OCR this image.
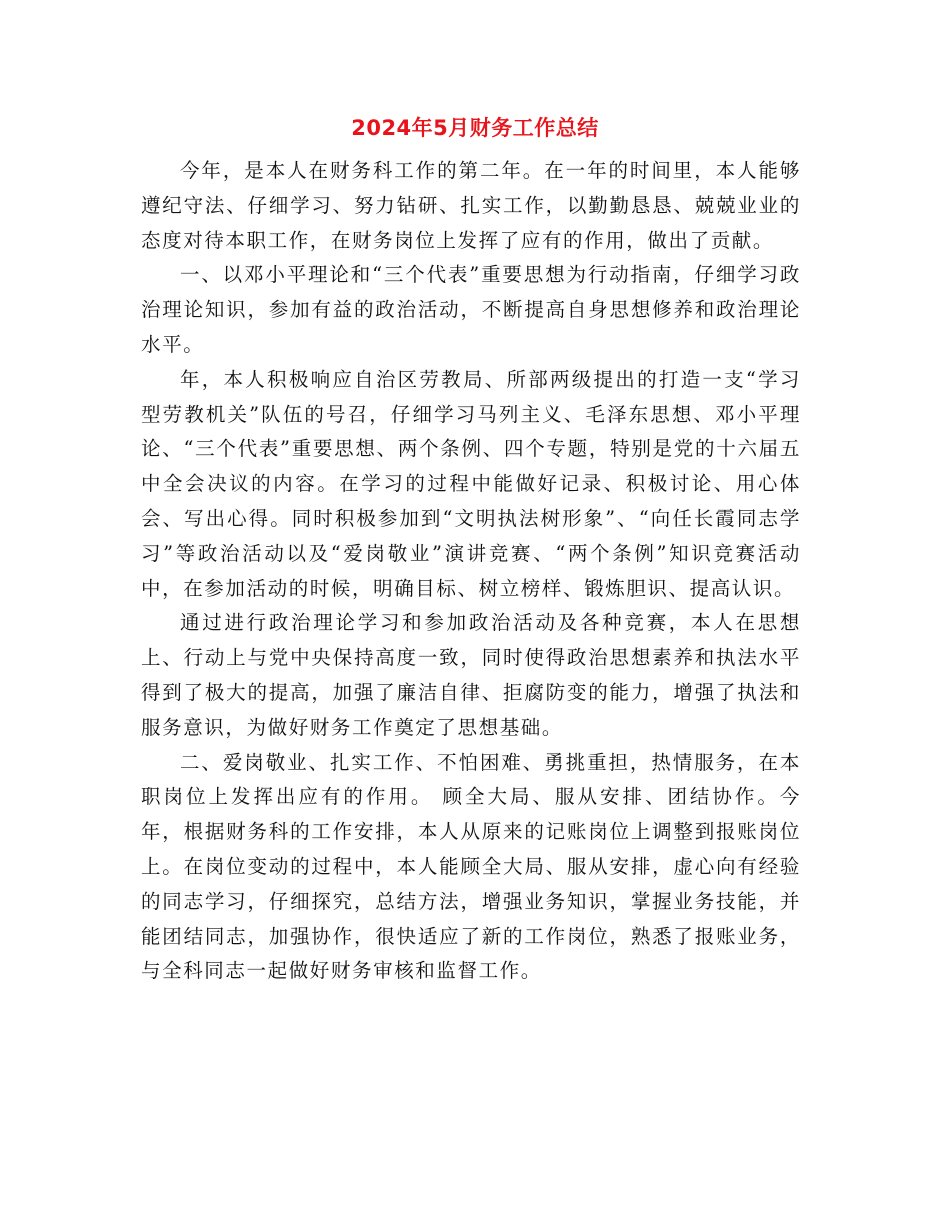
2024年5月财务工作总结

今年，是本人在财务科工作的第二年。在一年的时间里，本人能够遵纪守法、仔细学习、努力钻研、扎实工作，以勤勤恳恳、兢兢业业的态度对待本职工作，在财务岗位上发挥了应有的作用，做出了贡献。

一、以邓小平理论和“三个代表”重要思想为行动指南，仔细学习政治理论知识，参加有益的政治活动，不断提高自身思想修养和政治理论水平。

年，本人积极响应自治区劳教局、所部两级提出的打造一支“学习型劳教机关”队伍的号召，仔细学习马列主义、毛泽东思想、邓小平理论、“三个代表”重要思想、两个条例、四个专题，特别是党的十六届五中全会决议的内容。在学习的过程中能做好记录、积极讨论、用心体会、写出心得。同时积极参加到“文明执法树形象”、“向任长霞同志学习”等政治活动以及“爱岗敬业”演讲竞赛、“两个条例”知识竞赛活动中，在参加活动的时候，明确目标、树立榜样、锻炼胆识、提高认识。

通过进行政治理论学习和参加政治活动及各种竞赛，本人在思想上、行动上与党中央保持高度一致，同时使得政治思想素养和执法水平得到了极大的提高，加强了廉洁自律、拒腐防变的能力，增强了执法和服务意识，为做好财务工作奠定了思想基础。

二、爱岗敬业、扎实工作、不怕困难、勇挑重担，热情服务，在本职岗位上发挥出应有的作用。 顾全大局、服从安排、团结协作。今年，根据财务科的工作安排，本人从原来的记账岗位上调整到报账岗位上。在岗位变动的过程中，本人能顾全大局、服从安排，虚心向有经验的同志学习，仔细探究，总结方法，增强业务知识，掌握业务技能，并能团结同志，加强协作，很快适应了新的工作岗位，熟悉了报账业务，与全科同志一起做好财务审核和监督工作。
